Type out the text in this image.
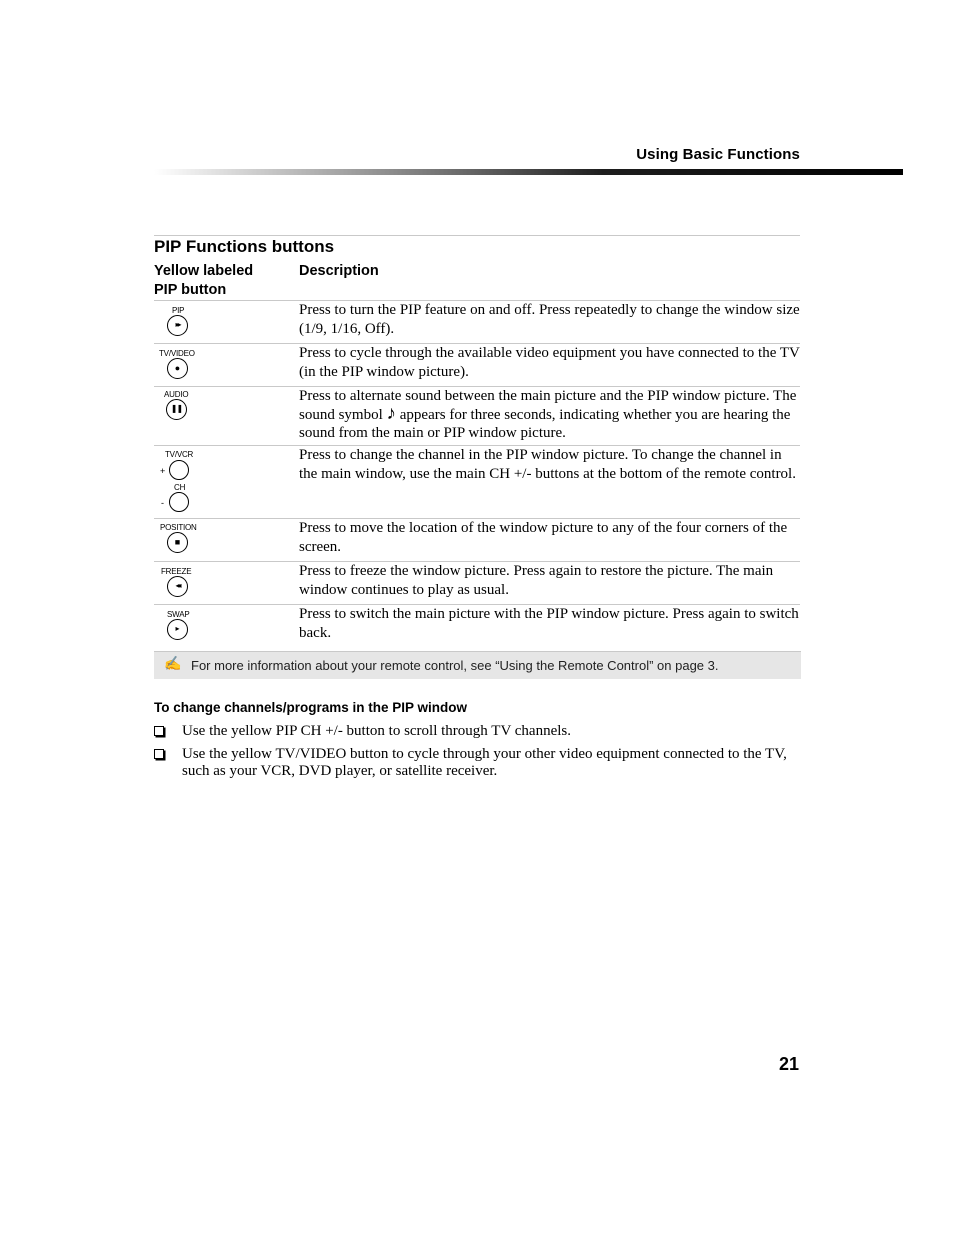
Using Basic Functions
PIP Functions buttons
Yellow labeled
PIP button	Description

PIP
▸▸	Press to turn the PIP feature on and off. Press repeatedly to change the window size (1/9, 1/16, Off).

TV/VIDEO
●	Press to cycle through the available video equipment you have connected to the TV (in the PIP window picture).

AUDIO
❚❚	Press to alternate sound between the main picture and the PIP window picture. The sound symbol ♪ appears for three seconds, indicating whether you are hearing the sound from the main or PIP window picture.

TV/VCR
+
CH
-	Press to change the channel in the PIP window picture. To change the channel in the main window, use the main CH +/- buttons at the bottom of the remote control.

POSITION
■	Press to move the location of the window picture to any of the four corners of the screen.

FREEZE
◂◂	Press to freeze the window picture. Press again to restore the picture. The main window continues to play as usual.

SWAP
▸	Press to switch the main picture with the PIP window picture. Press again to switch back.
✍ For more information about your remote control, see “Using the Remote Control” on page 3.
To change channels/programs in the PIP window
Use the yellow PIP CH +/- button to scroll through TV channels.
Use the yellow TV/VIDEO button to cycle through your other video equipment connected to the TV, such as your VCR, DVD player, or satellite receiver.
21
